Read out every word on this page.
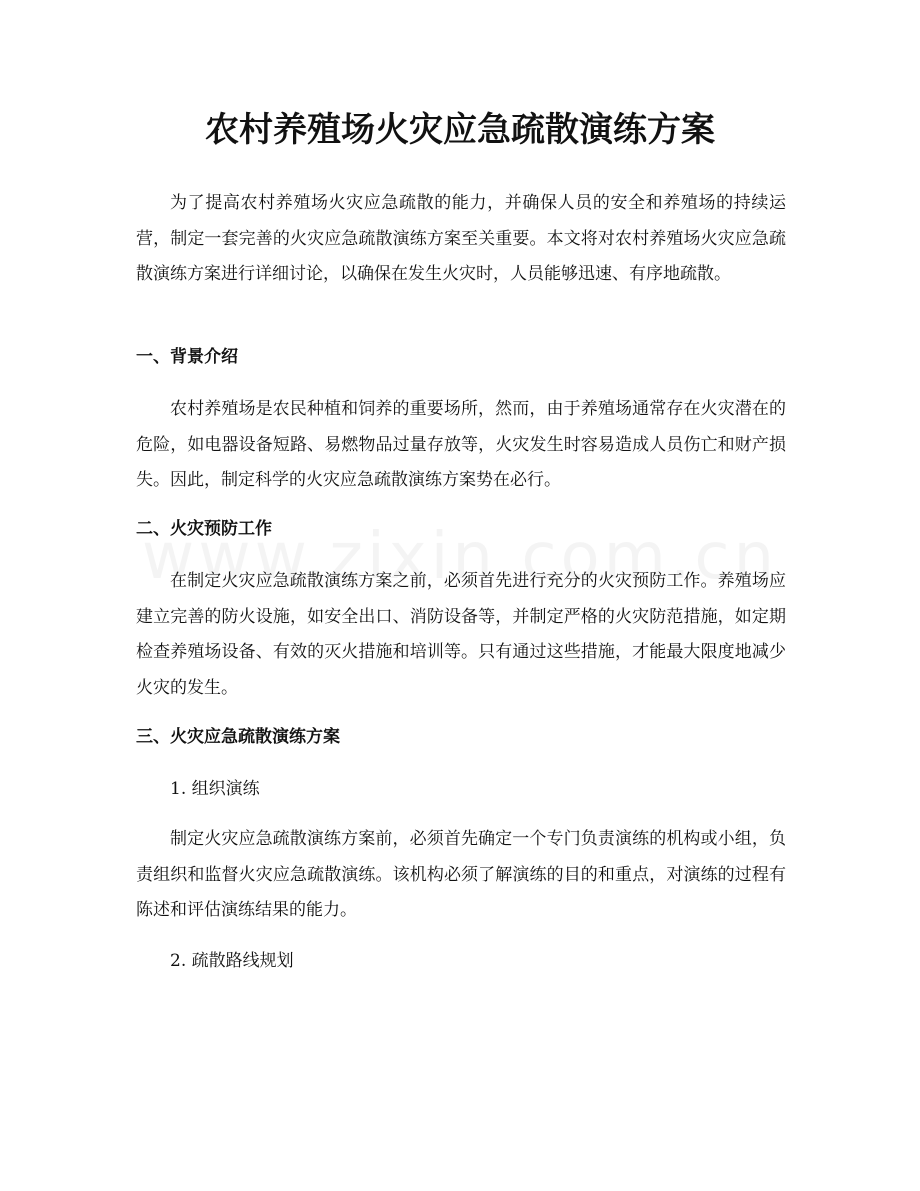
农村养殖场火灾应急疏散演练方案

为了提高农村养殖场火灾应急疏散的能力，并确保人员的安全和养殖场的持续运营，制定一套完善的火灾应急疏散演练方案至关重要。本文将对农村养殖场火灾应急疏散演练方案进行详细讨论，以确保在发生火灾时，人员能够迅速、有序地疏散。

一、背景介绍

农村养殖场是农民种植和饲养的重要场所，然而，由于养殖场通常存在火灾潜在的危险，如电器设备短路、易燃物品过量存放等，火灾发生时容易造成人员伤亡和财产损失。因此，制定科学的火灾应急疏散演练方案势在必行。

二、火灾预防工作

在制定火灾应急疏散演练方案之前，必须首先进行充分的火灾预防工作。养殖场应建立完善的防火设施，如安全出口、消防设备等，并制定严格的火灾防范措施，如定期检查养殖场设备、有效的灭火措施和培训等。只有通过这些措施，才能最大限度地减少火灾的发生。

三、火灾应急疏散演练方案

1. 组织演练

制定火灾应急疏散演练方案前，必须首先确定一个专门负责演练的机构或小组，负责组织和监督火灾应急疏散演练。该机构必须了解演练的目的和重点，对演练的过程有陈述和评估演练结果的能力。

2. 疏散路线规划
